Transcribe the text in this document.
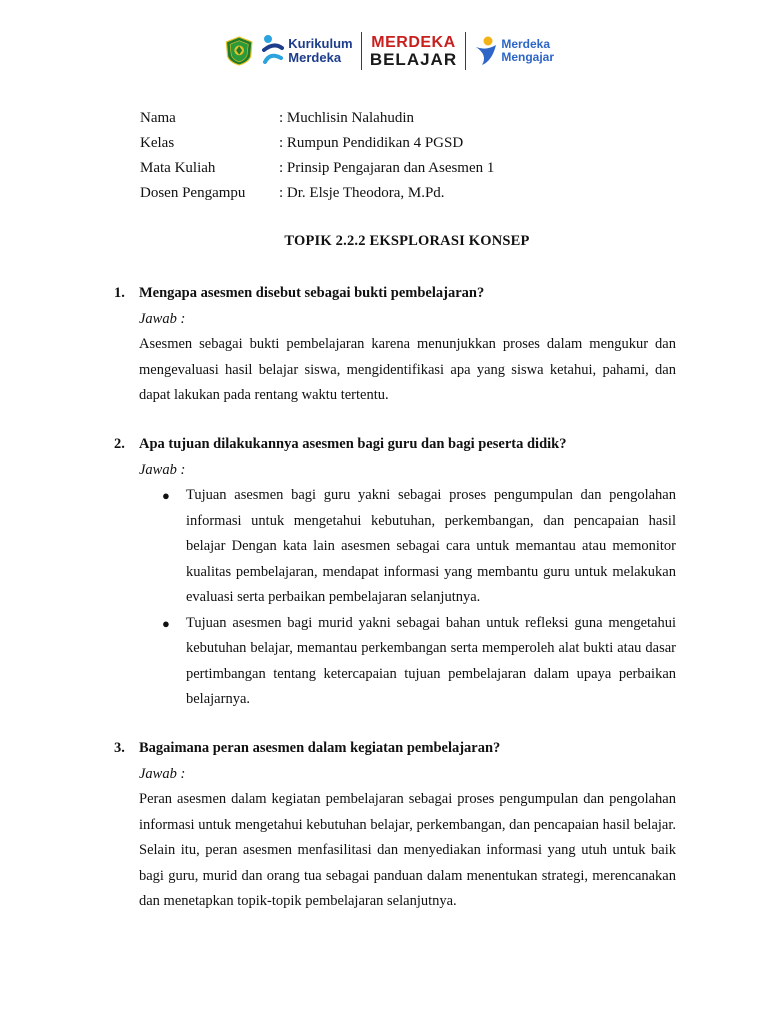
Kurikulum
Merdeka
MERDEKA
BELAJAR
Merdeka
Mengajar
Nama	: Muchlisin Nalahudin
Kelas	: Rumpun Pendidikan 4 PGSD
Mata Kuliah	: Prinsip Pengajaran dan Asesmen 1
Dosen Pengampu : Dr. Elsje Theodora, M.Pd.
TOPIK 2.2.2 EKSPLORASI KONSEP
1. Mengapa asesmen disebut sebagai bukti pembelajaran?
Jawab :
Asesmen sebagai bukti pembelajaran karena menunjukkan proses dalam mengukur dan mengevaluasi hasil belajar siswa, mengidentifikasi apa yang siswa ketahui, pahami, dan dapat lakukan pada rentang waktu tertentu.
2. Apa tujuan dilakukannya asesmen bagi guru dan bagi peserta didik?
Jawab :
● Tujuan asesmen bagi guru yakni sebagai proses pengumpulan dan pengolahan informasi untuk mengetahui kebutuhan, perkembangan, dan pencapaian hasil belajar Dengan kata lain asesmen sebagai cara untuk memantau atau memonitor kualitas pembelajaran, mendapat informasi yang membantu guru untuk melakukan evaluasi serta perbaikan pembelajaran selanjutnya.
● Tujuan asesmen bagi murid yakni sebagai bahan untuk refleksi guna mengetahui kebutuhan belajar, memantau perkembangan serta memperoleh alat bukti atau dasar pertimbangan tentang ketercapaian tujuan pembelajaran dalam upaya perbaikan belajarnya.
3. Bagaimana peran asesmen dalam kegiatan pembelajaran?
Jawab :
Peran asesmen dalam kegiatan pembelajaran sebagai proses pengumpulan dan pengolahan informasi untuk mengetahui kebutuhan belajar, perkembangan, dan pencapaian hasil belajar. Selain itu, peran asesmen menfasilitasi dan menyediakan informasi yang utuh untuk baik bagi guru, murid dan orang tua sebagai panduan dalam menentukan strategi, merencanakan dan menetapkan topik-topik pembelajaran selanjutnya.
